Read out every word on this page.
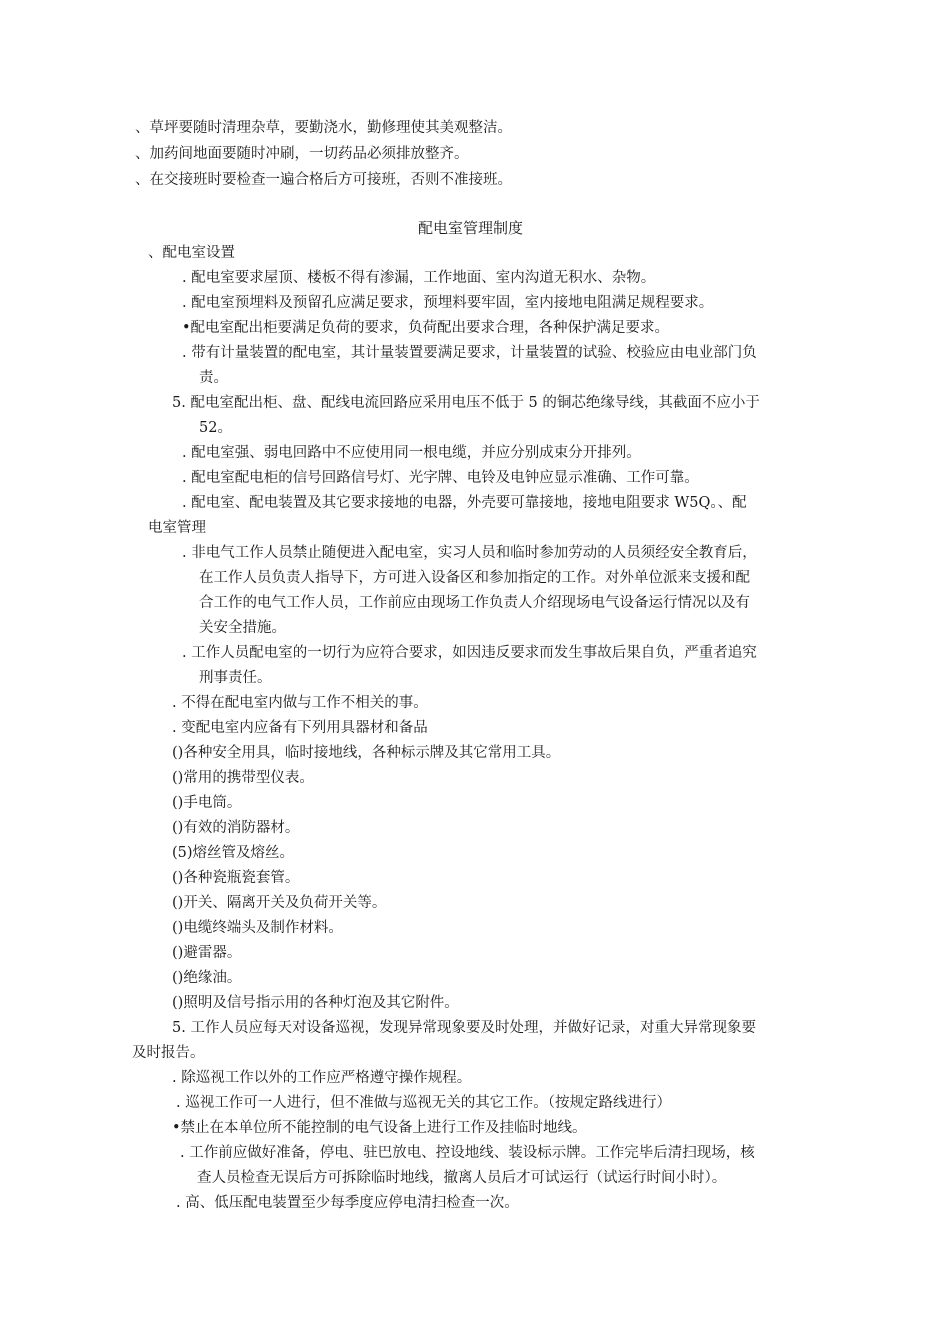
、草坪要随时清理杂草，要勤浇水，勤修理使其美观整洁。
、加药间地面要随时冲刷，一切药品必须排放整齐。
、在交接班时要检查一遍合格后方可接班，否则不准接班。
配电室管理制度
、配电室设置
. 配电室要求屋顶、楼板不得有渗漏，工作地面、室内沟道无积水、杂物。
. 配电室预埋料及预留孔应满足要求，预埋料要牢固，室内接地电阻满足规程要求。
•配电室配出柜要满足负荷的要求，负荷配出要求合理，各种保护满足要求。
. 带有计量装置的配电室，其计量装置要满足要求，计量装置的试验、校验应由电业部门负
责。
5. 配电室配出柜、盘、配线电流回路应采用电压不低于 5 的铜芯绝缘导线，其截面不应小于
52。
. 配电室强、弱电回路中不应使用同一根电缆，并应分别成束分开排列。
. 配电室配电柜的信号回路信号灯、光字牌、电铃及电钟应显示准确、工作可靠。
. 配电室、配电装置及其它要求接地的电器，外壳要可靠接地，接地电阻要求 W5Q。、配
电室管理
. 非电气工作人员禁止随便进入配电室，实习人员和临时参加劳动的人员须经安全教育后，
在工作人员负责人指导下，方可进入设备区和参加指定的工作。对外单位派来支援和配
合工作的电气工作人员，工作前应由现场工作负责人介绍现场电气设备运行情况以及有
关安全措施。
. 工作人员配电室的一切行为应符合要求，如因违反要求而发生事故后果自负，严重者追究
刑事责任。
. 不得在配电室内做与工作不相关的事。
. 变配电室内应备有下列用具器材和备品
()各种安全用具，临时接地线，各种标示牌及其它常用工具。
()常用的携带型仪表。
()手电筒。
()有效的消防器材。
(5)熔丝管及熔丝。
()各种瓷瓶瓷套管。
()开关、隔离开关及负荷开关等。
()电缆终端头及制作材料。
()避雷器。
()绝缘油。
()照明及信号指示用的各种灯泡及其它附件。
5. 工作人员应每天对设备巡视，发现异常现象要及时处理，并做好记录，对重大异常现象要
及时报告。
. 除巡视工作以外的工作应严格遵守操作规程。
. 巡视工作可一人进行，但不准做与巡视无关的其它工作。（按规定路线进行）
•禁止在本单位所不能控制的电气设备上进行工作及挂临时地线。
. 工作前应做好准备，停电、驻巴放电、控设地线、装设标示牌。工作完毕后清扫现场，核
查人员检查无误后方可拆除临时地线，撤离人员后才可试运行（试运行时间小时）。
. 高、低压配电装置至少每季度应停电清扫检查一次。
